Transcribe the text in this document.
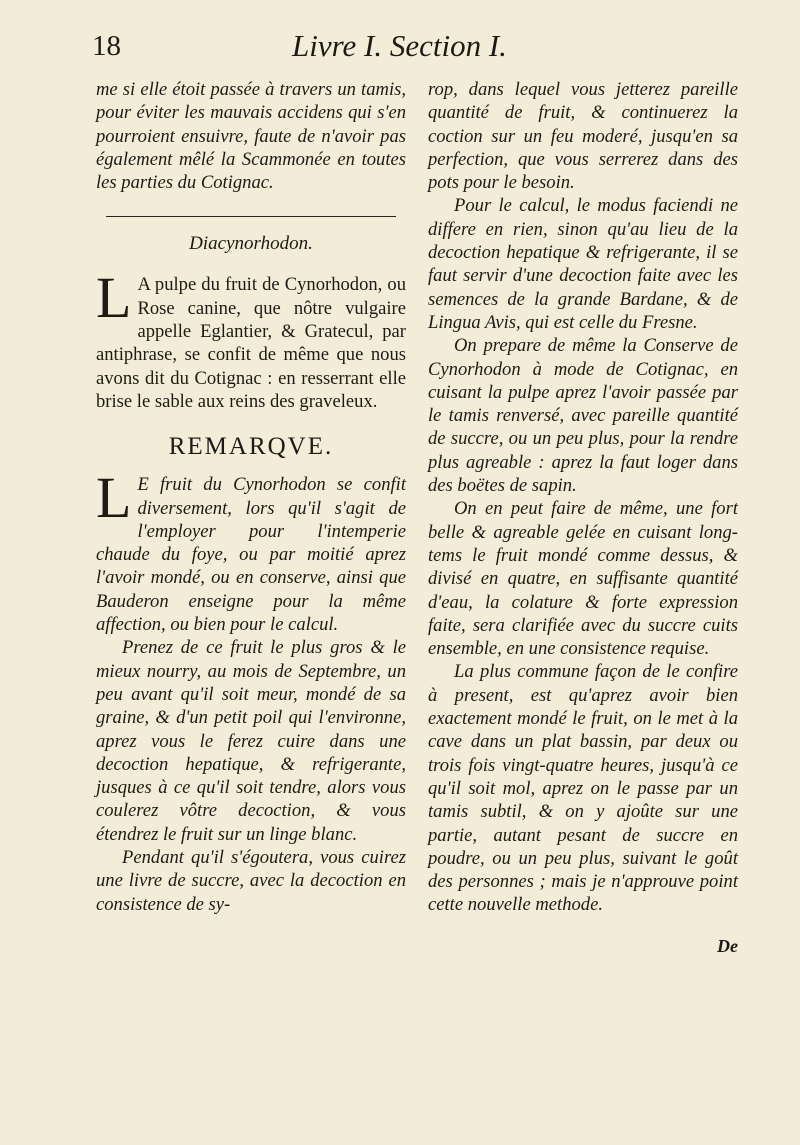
18	Livre I. Section I.

me si elle étoit passée à travers un tamis, pour éviter les mauvais accidens qui s'en pourroient ensuivre, faute de n'avoir pas également mêlé la Scammonée en toutes les parties du Cotignac.

Diacynorhodon.

L A pulpe du fruit de Cynorhodon, ou Rose canine, que nôtre vulgaire appelle Eglantier, & Gratecul, par antiphrase, se confit de même que nous avons dit du Cotignac : en resserrant elle brise le sable aux reins des graveleux.

REMARQVE.

L E fruit du Cynorhodon se confit diversement, lors qu'il s'agit de l'employer pour l'intemperie chaude du foye, ou par moitié aprez l'avoir mondé, ou en conserve, ainsi que Bauderon enseigne pour la même affection, ou bien pour le calcul.

Prenez de ce fruit le plus gros & le mieux nourry, au mois de Septembre, un peu avant qu'il soit meur, mondé de sa graine, & d'un petit poil qui l'environne, aprez vous le ferez cuire dans une decoction hepatique, & refrigerante, jusques à ce qu'il soit tendre, alors vous coulerez vôtre decoction, & vous étendrez le fruit sur un linge blanc.

Pendant qu'il s'égoutera, vous cuirez une livre de succre, avec la decoction en consistence de sy-

rop, dans lequel vous jetterez pareille quantité de fruit, & continuerez la coction sur un feu moderé, jusqu'en sa perfection, que vous serrerez dans des pots pour le besoin.

Pour le calcul, le modus faciendi ne differe en rien, sinon qu'au lieu de la decoction hepatique & refrigerante, il se faut servir d'une decoction faite avec les semences de la grande Bardane, & de Lingua Avis, qui est celle du Fresne.

On prepare de même la Conserve de Cynorhodon à mode de Cotignac, en cuisant la pulpe aprez l'avoir passée par le tamis renversé, avec pareille quantité de succre, ou un peu plus, pour la rendre plus agreable : aprez la faut loger dans des boëtes de sapin.

On en peut faire de même, une fort belle & agreable gelée en cuisant long-tems le fruit mondé comme dessus, & divisé en quatre, en suffisante quantité d'eau, la colature & forte expression faite, sera clarifiée avec du succre cuits ensemble, en une consistence requise.

La plus commune façon de le confire à present, est qu'aprez avoir bien exactement mondé le fruit, on le met à la cave dans un plat bassin, par deux ou trois fois vingt-quatre heures, jusqu'à ce qu'il soit mol, aprez on le passe par un tamis subtil, & on y ajoûte sur une partie, autant pesant de succre en poudre, ou un peu plus, suivant le goût des personnes ; mais je n'approuve point cette nouvelle methode.

De
